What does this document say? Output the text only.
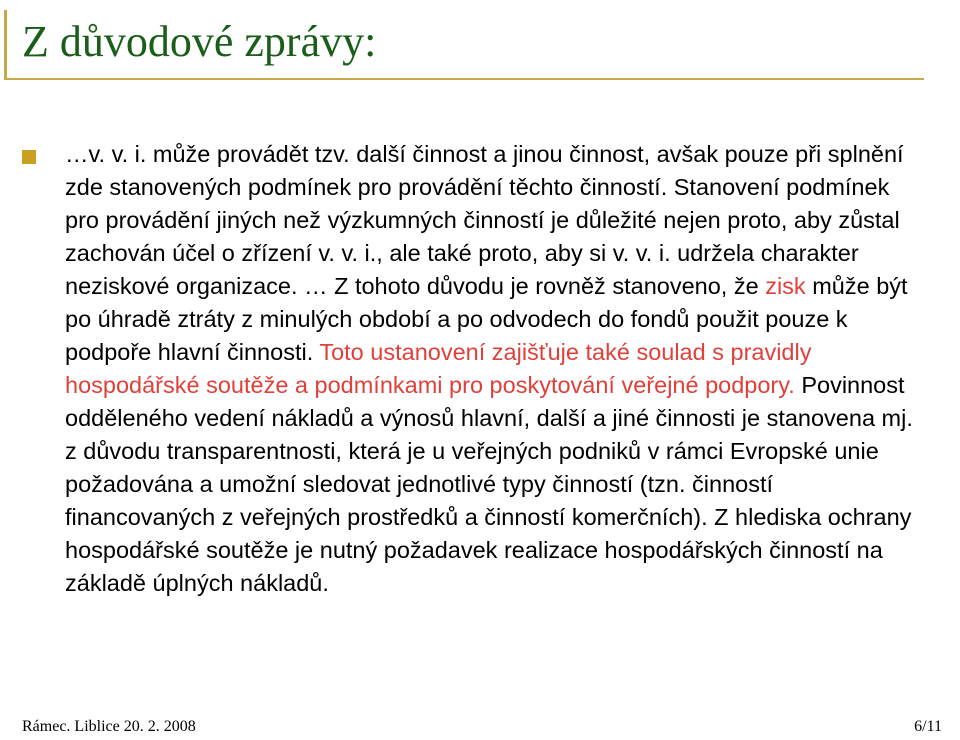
Z důvodové zprávy:
…v. v. i. může provádět tzv. další činnost a jinou činnost, avšak pouze při splnění zde stanovených podmínek pro provádění těchto činností. Stanovení podmínek pro provádění jiných než výzkumných činností je důležité nejen proto, aby zůstal zachován účel o zřízení v. v. i., ale také proto, aby si v. v. i. udržela charakter neziskové organizace. … Z tohoto důvodu je rovněž stanoveno, že zisk může být po úhradě ztráty z minulých období a po odvodech do fondů použit pouze k podpoře hlavní činnosti. Toto ustanovení zajišťuje také soulad s pravidly hospodářské soutěže a podmínkami pro poskytování veřejné podpory. Povinnost odděleného vedení nákladů a výnosů hlavní, další a jiné činnosti je stanovena mj. z důvodu transparentnosti, která je u veřejných podniků v rámci Evropské unie požadována a umožní sledovat jednotlivé typy činností (tzn. činností financovaných z veřejných prostředků a činností komerčních). Z hlediska ochrany hospodářské soutěže je nutný požadavek realizace hospodářských činností na základě úplných nákladů.
Rámec. Liblice 20. 2. 2008	6/11
